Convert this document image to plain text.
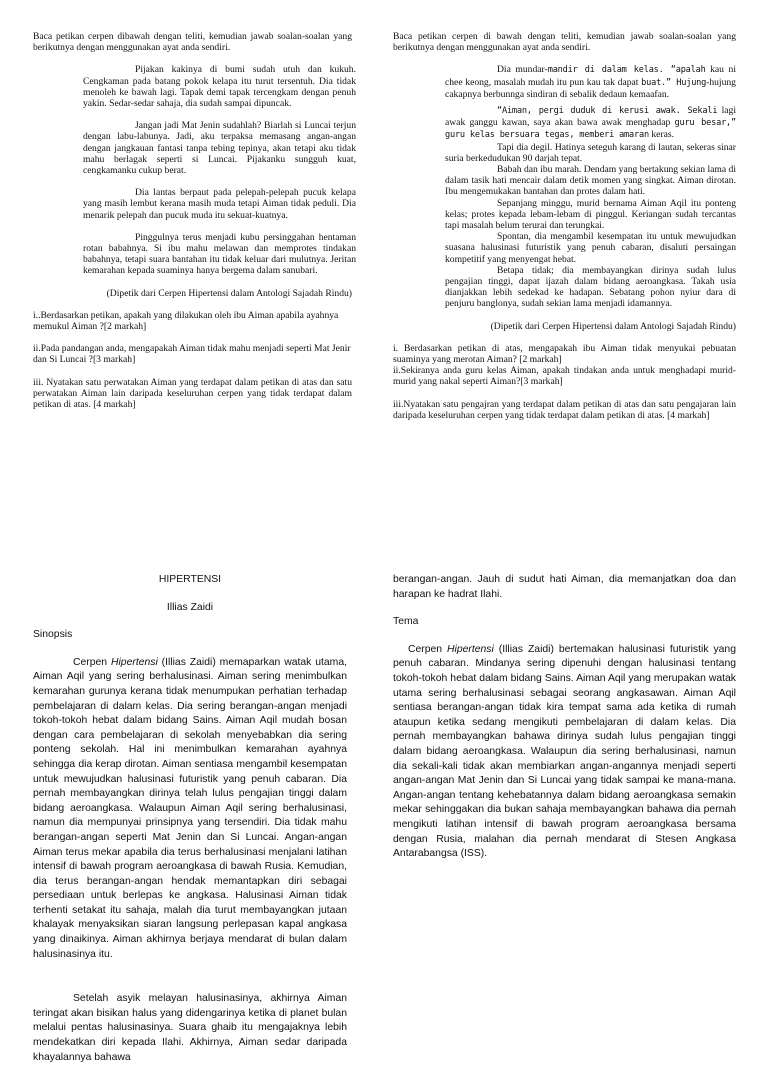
Baca petikan cerpen dibawah dengan teliti, kemudian jawab soalan-soalan yang berikutnya dengan menggunakan ayat anda sendiri.

Pijakan kakinya di bumi sudah utuh dan kukuh. Cengkaman pada batang pokok kelapa itu turut tersentuh. Dia tidak menoleh ke bawah lagi. Tapak demi tapak tercengkam dengan penuh yakin. Sedar-sedar sahaja, dia sudah sampai dipuncak.

Jangan jadi Mat Jenin sudahlah? Biarlah si Luncai terjun dengan labu-labunya. Jadi, aku terpaksa memasang angan-angan dengan jangkauan fantasi tanpa tebing tepinya, akan tetapi aku tidak mahu berlagak seperti si Luncai. Pijakanku sungguh kuat, cengkamanku cukup berat.

Dia lantas berpaut pada pelepah-pelepah pucuk kelapa yang masih lembut kerana masih muda tetapi Aiman tidak peduli. Dia menarik pelepah dan pucuk muda itu sekuat-kuatnya.

Pinggulnya terus menjadi kubu persinggahan hentaman rotan babahnya. Si ibu mahu melawan dan memprotes tindakan babahnya, tetapi suara bantahan itu tidak keluar dari mulutnya. Jeritan kemarahan kepada suaminya hanya bergema dalam sanubari.

(Dipetik dari Cerpen Hipertensi dalam Antologi Sajadah Rindu)

i..Berdasarkan petikan, apakah yang dilakukan oleh ibu Aiman apabila ayahnya memukul Aiman ?[2 markah]

ii.Pada pandangan anda, mengapakah Aiman tidak mahu menjadi seperti Mat Jenir dan Si Luncai ?[3 markah]

iii. Nyatakan satu perwatakan Aiman yang terdapat dalam petikan di atas dan satu perwatakan Aiman lain daripada keseluruhan cerpen yang tidak terdapat dalam petikan di atas. [4 markah]

Baca petikan cerpen di bawah dengan teliti, kemudian jawab soalan-soalan yang berikutnya dengan menggunakan ayat anda sendiri.

Dia mundar-mandir di dalam kelas. “apalah kau ni chee keong, masalah mudah itu pun kau tak dapat buat.” Hujung-hujung cakapnya berbunnga sindiran di sebalik dedaun kemaafan.

“Aiman, pergi duduk di kerusi awak. Sekali lagi awak ganggu kawan, saya akan bawa awak menghadap guru besar,” guru kelas bersuara tegas, memberi amaran keras.

Tapi dia degil. Hatinya seteguh karang di lautan, sekeras sinar suria berkedudukan 90 darjah tepat.

Babah dan ibu marah. Dendam yang bertakung sekian lama di dalam tasik hati mencair dalam detik momen yang singkat. Aiman dirotan. Ibu mengemukakan bantahan dan protes dalam hati.

Sepanjang minggu, murid bernama Aiman Aqil itu ponteng kelas; protes kepada lebam-lebam di pinggul. Keriangan sudah tercantas tapi masalah belum terurai dan terungkai.

Spontan, dia mengambil kesempatan itu untuk mewujudkan suasana halusinasi futuristik yang penuh cabaran, disaluti persaingan kompetitif yang menyengat hebat.

Betapa tidak; dia membayangkan dirinya sudah lulus pengajian tinggi, dapat ijazah dalam bidang aeroangkasa. Takah usia dianjakkan lebih sedekad ke hadapan. Sebatang pohon nyiur dara di penjuru banglonya, sudah sekian lama menjadi idamannya.

(Dipetik dari Cerpen Hipertensi dalam Antologi Sajadah Rindu)

i. Berdasarkan petikan di atas, mengapakah ibu Aiman tidak menyukai pebuatan suaminya yang merotan Aiman? [2 markah]

ii.Sekiranya anda guru kelas Aiman, apakah tindakan anda untuk menghadapi murid-murid yang nakal seperti Aiman?[3 markah]

iii.Nyatakan satu pengajran yang terdapat dalam petikan di atas dan satu pengajaran lain daripada keseluruhan cerpen yang tidak terdapat dalam petikan di atas. [4 markah]

HIPERTENSI

Illias Zaidi

Sinopsis

Cerpen Hipertensi (Illias Zaidi) memaparkan watak utama, Aiman Aqil yang sering berhalusinasi. Aiman sering menimbulkan kemarahan gurunya kerana tidak menumpukan perhatian terhadap pembelajaran di dalam kelas. Dia sering berangan-angan menjadi tokoh-tokoh hebat dalam bidang Sains. Aiman Aqil mudah bosan dengan cara pembelajaran di sekolah menyebabkan dia sering ponteng sekolah. Hal ini menimbulkan kemarahan ayahnya sehingga dia kerap dirotan. Aiman sentiasa mengambil kesempatan untuk mewujudkan halusinasi futuristik yang penuh cabaran. Dia pernah membayangkan dirinya telah lulus pengajian tinggi dalam bidang aeroangkasa. Walaupun Aiman Aqil sering berhalusinasi, namun dia mempunyai prinsipnya yang tersendiri. Dia tidak mahu berangan-angan seperti Mat Jenin dan Si Luncai. Angan-angan Aiman terus mekar apabila dia terus berhalusinasi menjalani latihan intensif di bawah program aeroangkasa di bawah Rusia. Kemudian, dia terus berangan-angan hendak memantapkan diri sebagai persediaan untuk berlepas ke angkasa. Halusinasi Aiman tidak terhenti setakat itu sahaja, malah dia turut membayangkan jutaan khalayak menyaksikan siaran langsung perlepasan kapal angkasa yang dinaikinya. Aiman akhirnya berjaya mendarat di bulan dalam halusinasinya itu.

Setelah asyik melayan halusinasinya, akhirnya Aiman teringat akan bisikan halus yang didengarinya ketika di planet bulan melalui pentas halusinasinya. Suara ghaib itu mengajaknya lebih mendekatkan diri kepada Ilahi. Akhirnya, Aiman sedar daripada khayalannya bahawa

berangan-angan. Jauh di sudut hati Aiman, dia memanjatkan doa dan harapan ke hadrat Ilahi.

Tema

Cerpen Hipertensi (Illias Zaidi) bertemakan halusinasi futuristik yang penuh cabaran. Mindanya sering dipenuhi dengan halusinasi tentang tokoh-tokoh hebat dalam bidang Sains. Aiman Aqil yang merupakan watak utama sering berhalusinasi sebagai seorang angkasawan. Aiman Aqil sentiasa berangan-angan tidak kira tempat sama ada ketika di rumah ataupun ketika sedang mengikuti pembelajaran di dalam kelas. Dia pernah membayangkan bahawa dirinya sudah lulus pengajian tinggi dalam bidang aeroangkasa. Walaupun dia sering berhalusinasi, namun dia sekali-kali tidak akan membiarkan angan-angannya menjadi seperti angan-angan Mat Jenin dan Si Luncai yang tidak sampai ke mana-mana. Angan-angan tentang kehebatannya dalam bidang aeroangkasa semakin mekar sehinggakan dia bukan sahaja membayangkan bahawa dia pernah mengikuti latihan intensif di bawah program aeroangkasa bersama dengan Rusia, malahan dia pernah mendarat di Stesen Angkasa Antarabangsa (ISS).
